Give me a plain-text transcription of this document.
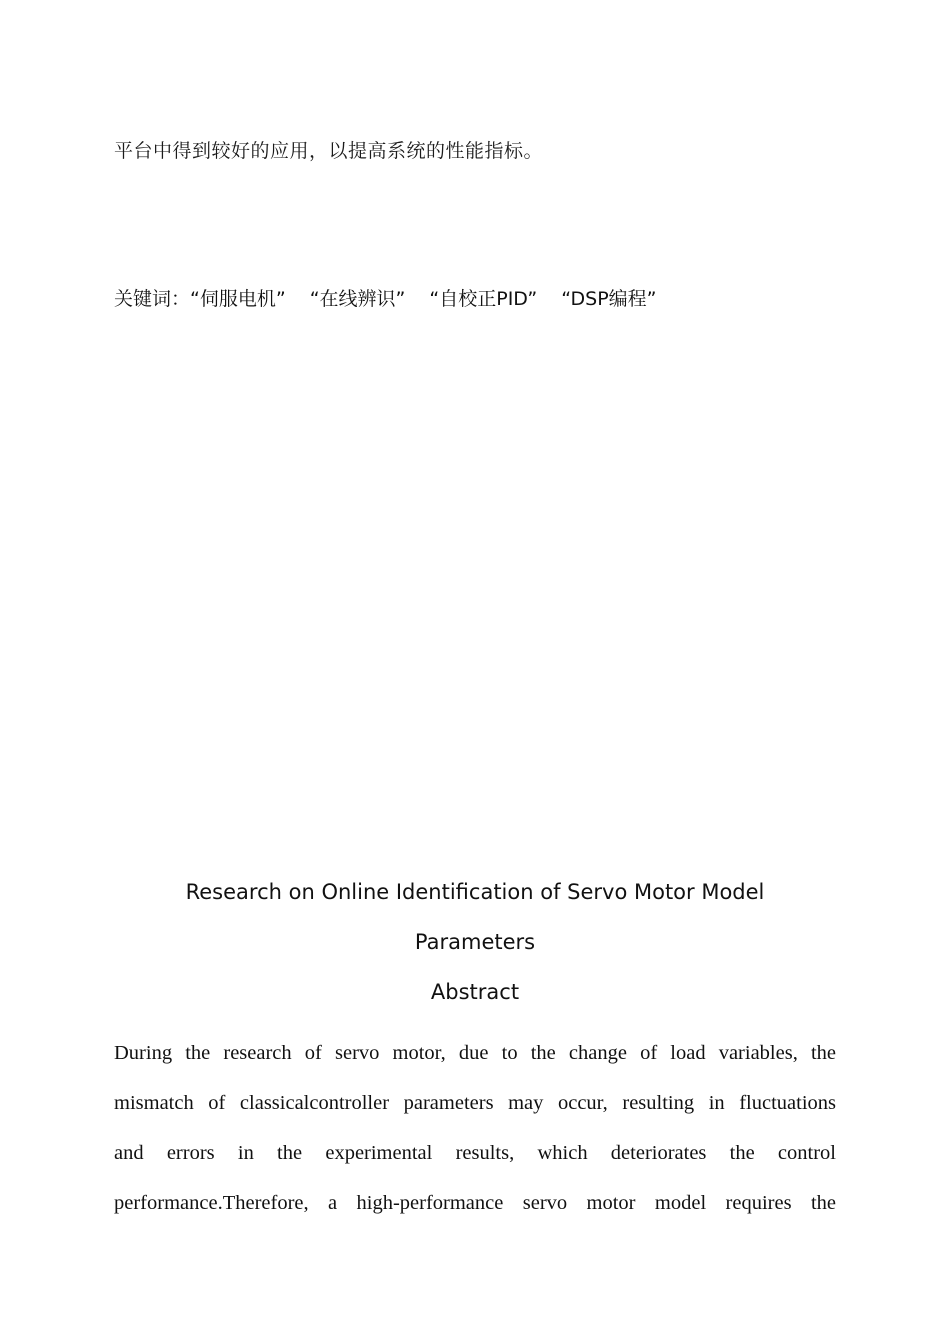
平台中得到较好的应用，以提高系统的性能指标。
关键词： “伺服电机” “在线辨识” “自校正PID” “DSP编程”
Research on Online Identification of Servo Motor Model
Parameters
Abstract
During the research of servo motor, due to the change of load variables, the
mismatch of classicalcontroller parameters may occur, resulting in fluctuations
and errors in the experimental results, which deteriorates the control
performance.Therefore, a high-performance servo motor model requires the
